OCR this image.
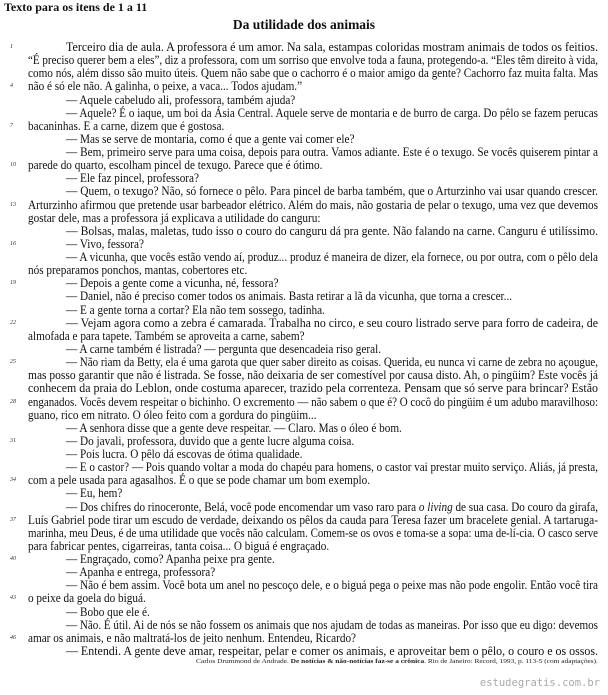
Texto para os itens de 1 a 11
Da utilidade dos animais
1	Terceiro dia de aula. A professora é um amor. Na sala, estampas coloridas mostram animais de todos os feitios.
“É preciso querer bem a eles”, diz a professora, com um sorriso que envolve toda a fauna, protegendo-a. “Eles têm direito à vida,
como nós, além disso são muito úteis. Quem não sabe que o cachorro é o maior amigo da gente? Cachorro faz muita falta. Mas
4 não é só ele não. A galinha, o peixe, a vaca... Todos ajudam.”
— Aquele cabeludo ali, professora, também ajuda?
— Aquele? É o iaque, um boi da Ásia Central. Aquele serve de montaria e de burro de carga. Do pêlo se fazem perucas
7 bacaninhas. E a carne, dizem que é gostosa.
— Mas se serve de montaria, como é que a gente vai comer ele?
— Bem, primeiro serve para uma coisa, depois para outra. Vamos adiante. Este é o texugo. Se vocês quiserem pintar a
10 parede do quarto, escolham pincel de texugo. Parece que é ótimo.
— Ele faz pincel, professora?
— Quem, o texugo? Não, só fornece o pêlo. Para pincel de barba também, que o Arturzinho vai usar quando crescer.
13 Arturzinho afirmou que pretende usar barbeador elétrico. Além do mais, não gostaria de pelar o texugo, uma vez que devemos
gostar dele, mas a professora já explicava a utilidade do canguru:
— Bolsas, malas, maletas, tudo isso o couro do canguru dá pra gente. Não falando na carne. Canguru é utilíssimo.
16	— Vivo, fessora?
— A vicunha, que vocês estão vendo aí, produz... produz é maneira de dizer, ela fornece, ou por outra, com o pêlo dela
nós preparamos ponchos, mantas, cobertores etc.
19	— Depois a gente come a vicunha, né, fessora?
— Daniel, não é preciso comer todos os animais. Basta retirar a lã da vicunha, que torna a crescer...
— E a gente torna a cortar? Ela não tem sossego, tadinha.
22	— Vejam agora como a zebra é camarada. Trabalha no circo, e seu couro listrado serve para forro de cadeira, de
almofada e para tapete. Também se aproveita a carne, sabem?
— A carne também é listrada? — pergunta que desencadeia riso geral.
25	— Não riam da Betty, ela é uma garota que quer saber direito as coisas. Querida, eu nunca vi carne de zebra no açougue,
mas posso garantir que não é listrada. Se fosse, não deixaria de ser comestível por causa disto. Ah, o pingüim? Este vocês já
conhecem da praia do Leblon, onde costuma aparecer, trazido pela correnteza. Pensam que só serve para brincar? Estão
28 enganados. Vocês devem respeitar o bichinho. O excremento — não sabem o que é? O cocô do pingüim é um adubo maravilhoso:
guano, rico em nitrato. O óleo feito com a gordura do pingüim...
— A senhora disse que a gente deve respeitar. — Claro. Mas o óleo é bom.
31	— Do javali, professora, duvido que a gente lucre alguma coisa.
— Pois lucra. O pêlo dá escovas de ótima qualidade.
— E o castor? — Pois quando voltar a moda do chapéu para homens, o castor vai prestar muito serviço. Aliás, já presta,
34 com a pele usada para agasalhos. É o que se pode chamar um bom exemplo.
— Eu, hem?
— Dos chifres do rinoceronte, Belá, você pode encomendar um vaso raro para o living de sua casa. Do couro da girafa,
37 Luís Gabriel pode tirar um escudo de verdade, deixando os pêlos da cauda para Teresa fazer um bracelete genial. A tartaruga-
marinha, meu Deus, é de uma utilidade que vocês não calculam. Comem-se os ovos e toma-se a sopa: uma de-lí-cia. O casco serve
para fabricar pentes, cigarreiras, tanta coisa... O biguá é engraçado.
40	— Engraçado, como? Apanha peixe pra gente.
— Apanha e entrega, professora?
— Não é bem assim. Você bota um anel no pescoço dele, e o biguá pega o peixe mas não pode engolir. Então você tira
43 o peixe da goela do biguá.
— Bobo que ele é.
— Não. É útil. Ai de nós se não fossem os animais que nos ajudam de todas as maneiras. Por isso que eu digo: devemos
46 amar os animais, e não maltratá-los de jeito nenhum. Entendeu, Ricardo?
— Entendi. A gente deve amar, respeitar, pelar e comer os animais, e aproveitar bem o pêlo, o couro e os ossos.
Carlos Drummond de Andrade. De notícias & não-notícias faz-se a crônica. Rio de Janeiro: Record, 1993, p. 113-5 (com adaptações).
estudegratis.com.br
